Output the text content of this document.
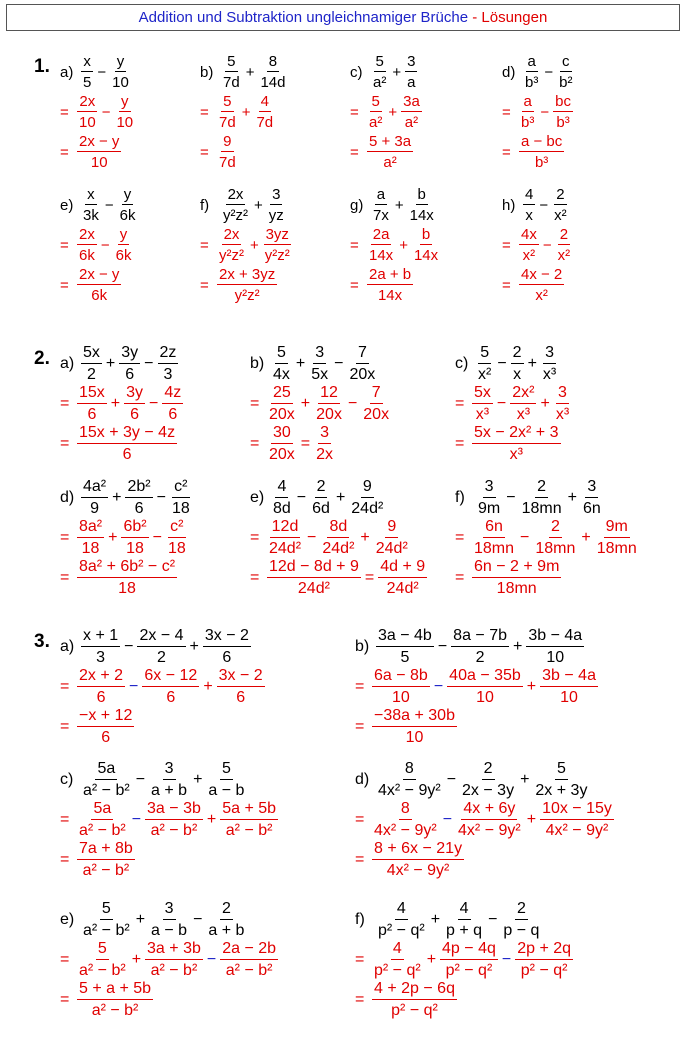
Addition und Subtraktion ungleichnamiger Brüche - Lösungen
1. $a) \frac{x}{5} - \frac{y}{10}$
= $\frac{2x}{10} - \frac{y}{10}$
= $\frac{2x - y}{10}$
$b) \frac{5}{7d} + \frac{8}{14d}$
= $\frac{5}{7d} + \frac{4}{7d}$
= $\frac{9}{7d}$
$c) \frac{5}{\text{a²}} + \frac{3}{a}$
= $\frac{5}{\text{a²}} + \frac{3a}{\text{a²}}$
= $\frac{5 + 3a}{\text{a²}}$
$d) \frac{a}{\text{b³}} - \frac{c}{\text{b²}}$
= $\frac{a}{\text{b³}} - \frac{bc}{\text{b³}}$
= $\frac{a - bc}{\text{b³}}$
$e) \frac{x}{3k} - \frac{y}{6k}$
= $\frac{2x}{6k} - \frac{y}{6k}$
= $\frac{2x - y}{6k}$
$f) \frac{2x}{\text{y²z²}} + \frac{3}{yz}$
= $\frac{2x}{\text{y²z²}} + \frac{3yz}{\text{y²z²}}$
= $\frac{2x + 3yz}{\text{y²z²}}$
$g) \frac{a}{7x} + \frac{b}{14x}$
= $\frac{2a}{14x} + \frac{b}{14x}$
= $\frac{2a + b}{14x}$
$h) \frac{4}{x} - \frac{2}{\text{x²}}$
= $\frac{4x}{\text{x²}} - \frac{2}{\text{x²}}$
= $\frac{4x - 2}{\text{x²}}$
2. $a) \frac{5x}{2} + \frac{3y}{6} - \frac{2z}{3}$
= $\frac{15x}{6} + \frac{3y}{6} - \frac{4z}{6}$
= $\frac{15x + 3y - 4z}{6}$
$b) \frac{5}{4x} + \frac{3}{5x} - \frac{7}{20x}$
= $\frac{25}{20x} + \frac{12}{20x} - \frac{7}{20x}$
= $\frac{30}{20x} = \frac{3}{2x}$
$c) \frac{5}{\text{x²}} - \frac{2}{x} + \frac{3}{\text{x³}}$
= $\frac{5x}{\text{x³}} - \frac{\text{2x²}}{\text{x³}} + \frac{3}{\text{x³}}$
= $\frac{\text{5x − 2x² + 3}}{\text{x³}}$
$d) \frac{\text{4a²}}{9} + \frac{\text{2b²}}{6} - \frac{\text{c²}}{18}$
= $\frac{\text{8a²}}{18} + \frac{\text{6b²}}{18} - \frac{\text{c²}}{18}$
= $\frac{\text{8a² + 6b² − c²}}{18}$
$e) \frac{4}{8d} - \frac{2}{6d} + \frac{9}{\text{24d²}}$
= $\frac{12d}{\text{24d²}} - \frac{8d}{\text{24d²}} + \frac{9}{\text{24d²}}$
= $\frac{12d - 8d + 9}{\text{24d²}} = \frac{4d + 9}{\text{24d²}}$
$f) \frac{3}{9m} - \frac{2}{18mn} + \frac{3}{6n}$
= $\frac{6n}{18mn} - \frac{2}{18mn} + \frac{9m}{18mn}$
= $\frac{6n - 2 + 9m}{18mn}$
3. $a) \frac{x + 1}{3} - \frac{2x - 4}{2} + \frac{3x - 2}{6}$
= $\frac{2x + 2}{6} - \frac{6x - 12}{6} + \frac{3x - 2}{6}$
= $\frac{-x + 12}{6}$
$b) \frac{3a - 4b}{5} - \frac{8a - 7b}{2} + \frac{3b - 4a}{10}$
= $\frac{6a - 8b}{10} - \frac{40a - 35b}{10} + \frac{3b - 4a}{10}$
= $\frac{-38a + 30b}{10}$
$c) \frac{5a}{\text{a² − b²}} - \frac{3}{a + b} + \frac{5}{a - b}$
= $\frac{5a}{\text{a² − b²}} - \frac{3a - 3b}{\text{a² − b²}} + \frac{5a + 5b}{\text{a² − b²}}$
= $\frac{7a + 8b}{\text{a² − b²}}$
$d) \frac{8}{\text{4x² − 9y²}} - \frac{2}{2x - 3y} + \frac{5}{2x + 3y}$
= $\frac{8}{\text{4x² − 9y²}} - \frac{4x + 6y}{\text{4x² − 9y²}} + \frac{10x - 15y}{\text{4x² − 9y²}}$
= $\frac{8 + 6x - 21y}{\text{4x² − 9y²}}$
$e) \frac{5}{\text{a² − b²}} + \frac{3}{a - b} - \frac{2}{a + b}$
= $\frac{5}{\text{a² − b²}} + \frac{3a + 3b}{\text{a² − b²}} - \frac{2a - 2b}{\text{a² − b²}}$
= $\frac{5 + a + 5b}{\text{a² − b²}}$
$f) \frac{4}{\text{p² − q²}} + \frac{4}{p + q} - \frac{2}{p - q}$
= $\frac{4}{\text{p² − q²}} + \frac{4p - 4q}{\text{p² − q²}} - \frac{2p + 2q}{\text{p² − q²}}$
= $\frac{4 + 2p - 6q}{\text{p² − q²}}$
